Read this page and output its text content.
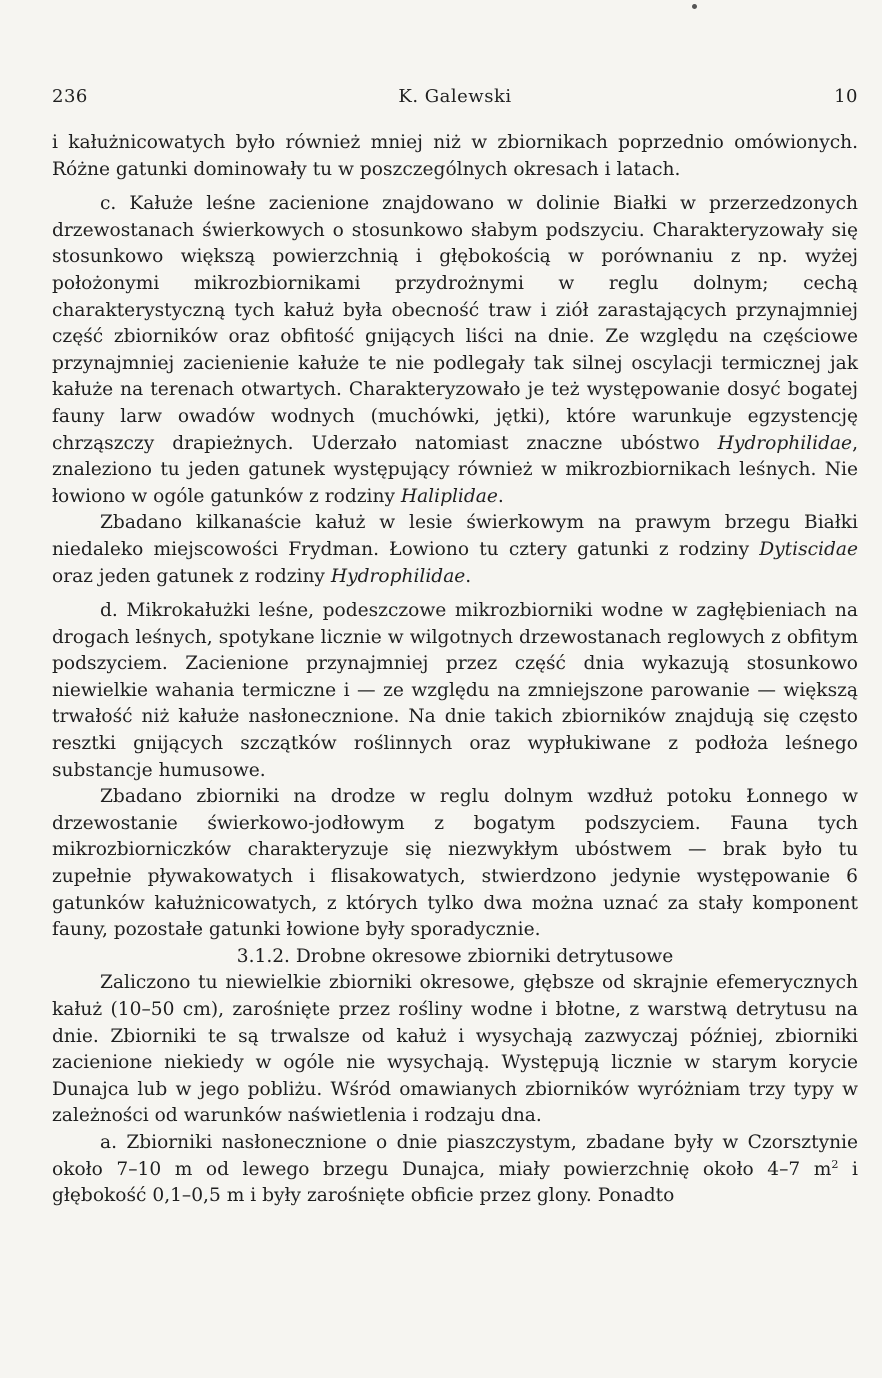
236	K. Galewski	10

i kałużnicowatych było również mniej niż w zbiornikach poprzednio omówionych. Różne gatunki dominowały tu w poszczególnych okresach i latach.

c. Kałuże leśne zacienione znajdowano w dolinie Białki w przerzedzonych drzewostanach świerkowych o stosunkowo słabym podszyciu. Charakteryzowały się stosunkowo większą powierzchnią i głębokością w porównaniu z np. wyżej położonymi mikrozbiornikami przydrożnymi w reglu dolnym; cechą charakterystyczną tych kałuż była obecność traw i ziół zarastających przynajmniej część zbiorników oraz obfitość gnijących liści na dnie. Ze względu na częściowe przynajmniej zacienienie kałuże te nie podlegały tak silnej oscylacji termicznej jak kałuże na terenach otwartych. Charakteryzowało je też występowanie dosyć bogatej fauny larw owadów wodnych (muchówki, jętki), które warunkuje egzystencję chrząszczy drapieżnych. Uderzało natomiast znaczne ubóstwo Hydrophilidae, znaleziono tu jeden gatunek występujący również w mikrozbiornikach leśnych. Nie łowiono w ogóle gatunków z rodziny Haliplidae.

Zbadano kilkanaście kałuż w lesie świerkowym na prawym brzegu Białki niedaleko miejscowości Frydman. Łowiono tu cztery gatunki z rodziny Dytiscidae oraz jeden gatunek z rodziny Hydrophilidae.

d. Mikrokałużki leśne, podeszczowe mikrozbiorniki wodne w zagłębieniach na drogach leśnych, spotykane licznie w wilgotnych drzewostanach reglowych z obfitym podszyciem. Zacienione przynajmniej przez część dnia wykazują stosunkowo niewielkie wahania termiczne i — ze względu na zmniejszone parowanie — większą trwałość niż kałuże nasłonecznione. Na dnie takich zbiorników znajdują się często resztki gnijących szczątków roślinnych oraz wypłukiwane z podłoża leśnego substancje humusowe.

Zbadano zbiorniki na drodze w reglu dolnym wzdłuż potoku Łonnego w drzewostanie świerkowo-jodłowym z bogatym podszyciem. Fauna tych mikrozbiorniczków charakteryzuje się niezwykłym ubóstwem — brak było tu zupełnie pływakowatych i flisakowatych, stwierdzono jedynie występowanie 6 gatunków kałużnicowatych, z których tylko dwa można uznać za stały komponent fauny, pozostałe gatunki łowione były sporadycznie.

3.1.2. Drobne okresowe zbiorniki detrytusowe

Zaliczono tu niewielkie zbiorniki okresowe, głębsze od skrajnie efemerycznych kałuż (10–50 cm), zarośnięte przez rośliny wodne i błotne, z warstwą detrytusu na dnie. Zbiorniki te są trwalsze od kałuż i wysychają zazwyczaj później, zbiorniki zacienione niekiedy w ogóle nie wysychają. Występują licznie w starym korycie Dunajca lub w jego pobliżu. Wśród omawianych zbiorników wyróżniam trzy typy w zależności od warunków naświetlenia i rodzaju dna.

a. Zbiorniki nasłonecznione o dnie piaszczystym, zbadane były w Czorsztynie około 7–10 m od lewego brzegu Dunajca, miały powierzchnię około 4–7 $m^2$ i głębokość 0,1–0,5 m i były zarośnięte obficie przez glony. Ponadto
